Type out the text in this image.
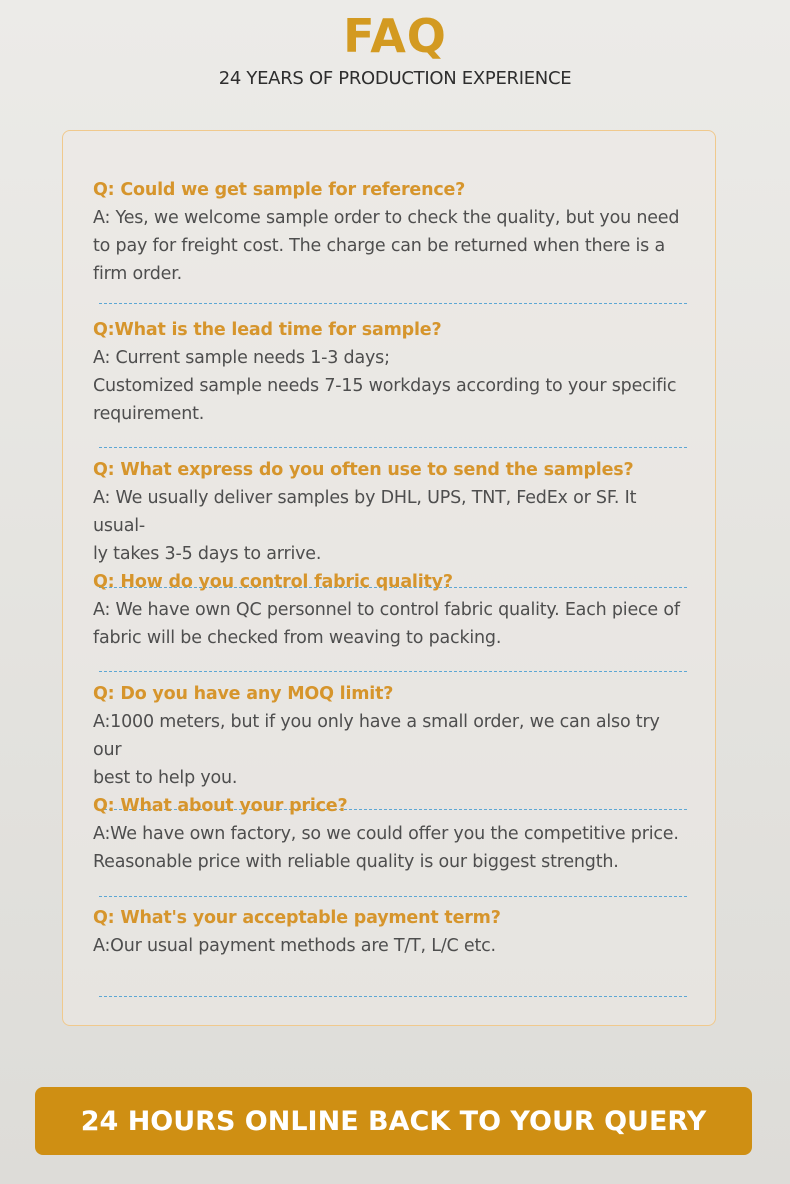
FAQ
24 YEARS OF PRODUCTION EXPERIENCE
Q: Could we get sample for reference?
A: Yes, we welcome sample order to check the quality, but you need
to pay for freight cost. The charge can be returned when there is a
firm order.
Q:What is the lead time for sample?
A: Current sample needs 1-3 days;
Customized sample needs 7-15 workdays according to your specific
requirement.
Q: What express do you often use to send the samples?
A: We usually deliver samples by DHL, UPS, TNT, FedEx or SF. It usual-
ly takes 3-5 days to arrive.
Q: How do you control fabric quality?
A: We have own QC personnel to control fabric quality. Each piece of
fabric will be checked from weaving to packing.
Q: Do you have any MOQ limit?
A:1000 meters, but if you only have a small order, we can also try our
best to help you.
Q: What about your price?
A:We have own factory, so we could offer you the competitive price.
Reasonable price with reliable quality is our biggest strength.
Q: What's your acceptable payment term?
A:Our usual payment methods are T/T, L/C etc.
24 HOURS ONLINE BACK TO YOUR QUERY
